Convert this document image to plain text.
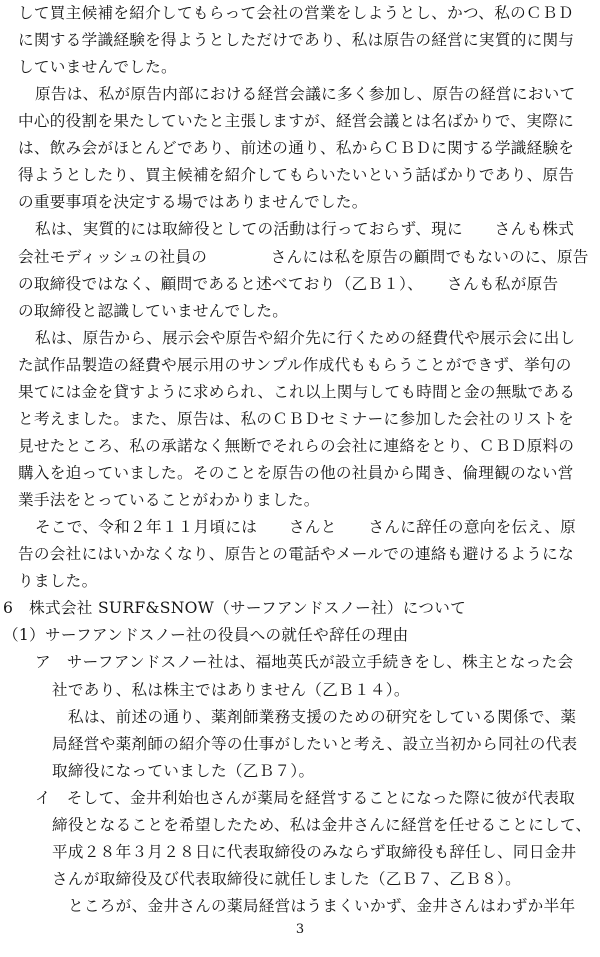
して買主候補を紹介してもらって会社の営業をしようとし、かつ、私のＣＢＤ
に関する学識経験を得ようとしただけであり、私は原告の経営に実質的に関与
していませんでした。
原告は、私が原告内部における経営会議に多く参加し、原告の経営において
中心的役割を果たしていたと主張しますが、経営会議とは名ばかりで、実際に
は、飲み会がほとんどであり、前述の通り、私からＣＢＤに関する学識経験を
得ようとしたり、買主候補を紹介してもらいたいという話ばかりであり、原告
の重要事項を決定する場ではありませんでした。
私は、実質的には取締役としての活動は行っておらず、現に　　さんも株式
会社モディッシュの社員の　　　　さんには私を原告の顧問でもないのに、原告
の取締役ではなく、顧問であると述べており（乙Ｂ１）、　　さんも私が原告
の取締役と認識していませんでした。
私は、原告から、展示会や原告や紹介先に行くための経費代や展示会に出し
た試作品製造の経費や展示用のサンプル作成代ももらうことができず、挙句の
果てには金を貸すように求められ、これ以上関与しても時間と金の無駄である
と考えました。また、原告は、私のＣＢＤセミナーに参加した会社のリストを
見せたところ、私の承諾なく無断でそれらの会社に連絡をとり、ＣＢＤ原料の
購入を迫っていました。そのことを原告の他の社員から聞き、倫理観のない営
業手法をとっていることがわかりました。
そこで、令和２年１１月頃には　　さんと　　さんに辞任の意向を伝え、原
告の会社にはいかなくなり、原告との電話やメールでの連絡も避けるようにな
りました。
6　株式会社 SURF&SNOW（サーフアンドスノー社）について
（1）サーフアンドスノー社の役員への就任や辞任の理由
ア　サーフアンドスノー社は、福地英氏が設立手続きをし、株主となった会
社であり、私は株主ではありません（乙Ｂ１４）。
私は、前述の通り、薬剤師業務支援のための研究をしている関係で、薬
局経営や薬剤師の紹介等の仕事がしたいと考え、設立当初から同社の代表
取締役になっていました（乙Ｂ７）。
イ　そして、金井利始也さんが薬局を経営することになった際に彼が代表取
締役となることを希望したため、私は金井さんに経営を任せることにして、
平成２８年３月２８日に代表取締役のみならず取締役も辞任し、同日金井
さんが取締役及び代表取締役に就任しました（乙Ｂ７、乙Ｂ８）。
ところが、金井さんの薬局経営はうまくいかず、金井さんはわずか半年
3
